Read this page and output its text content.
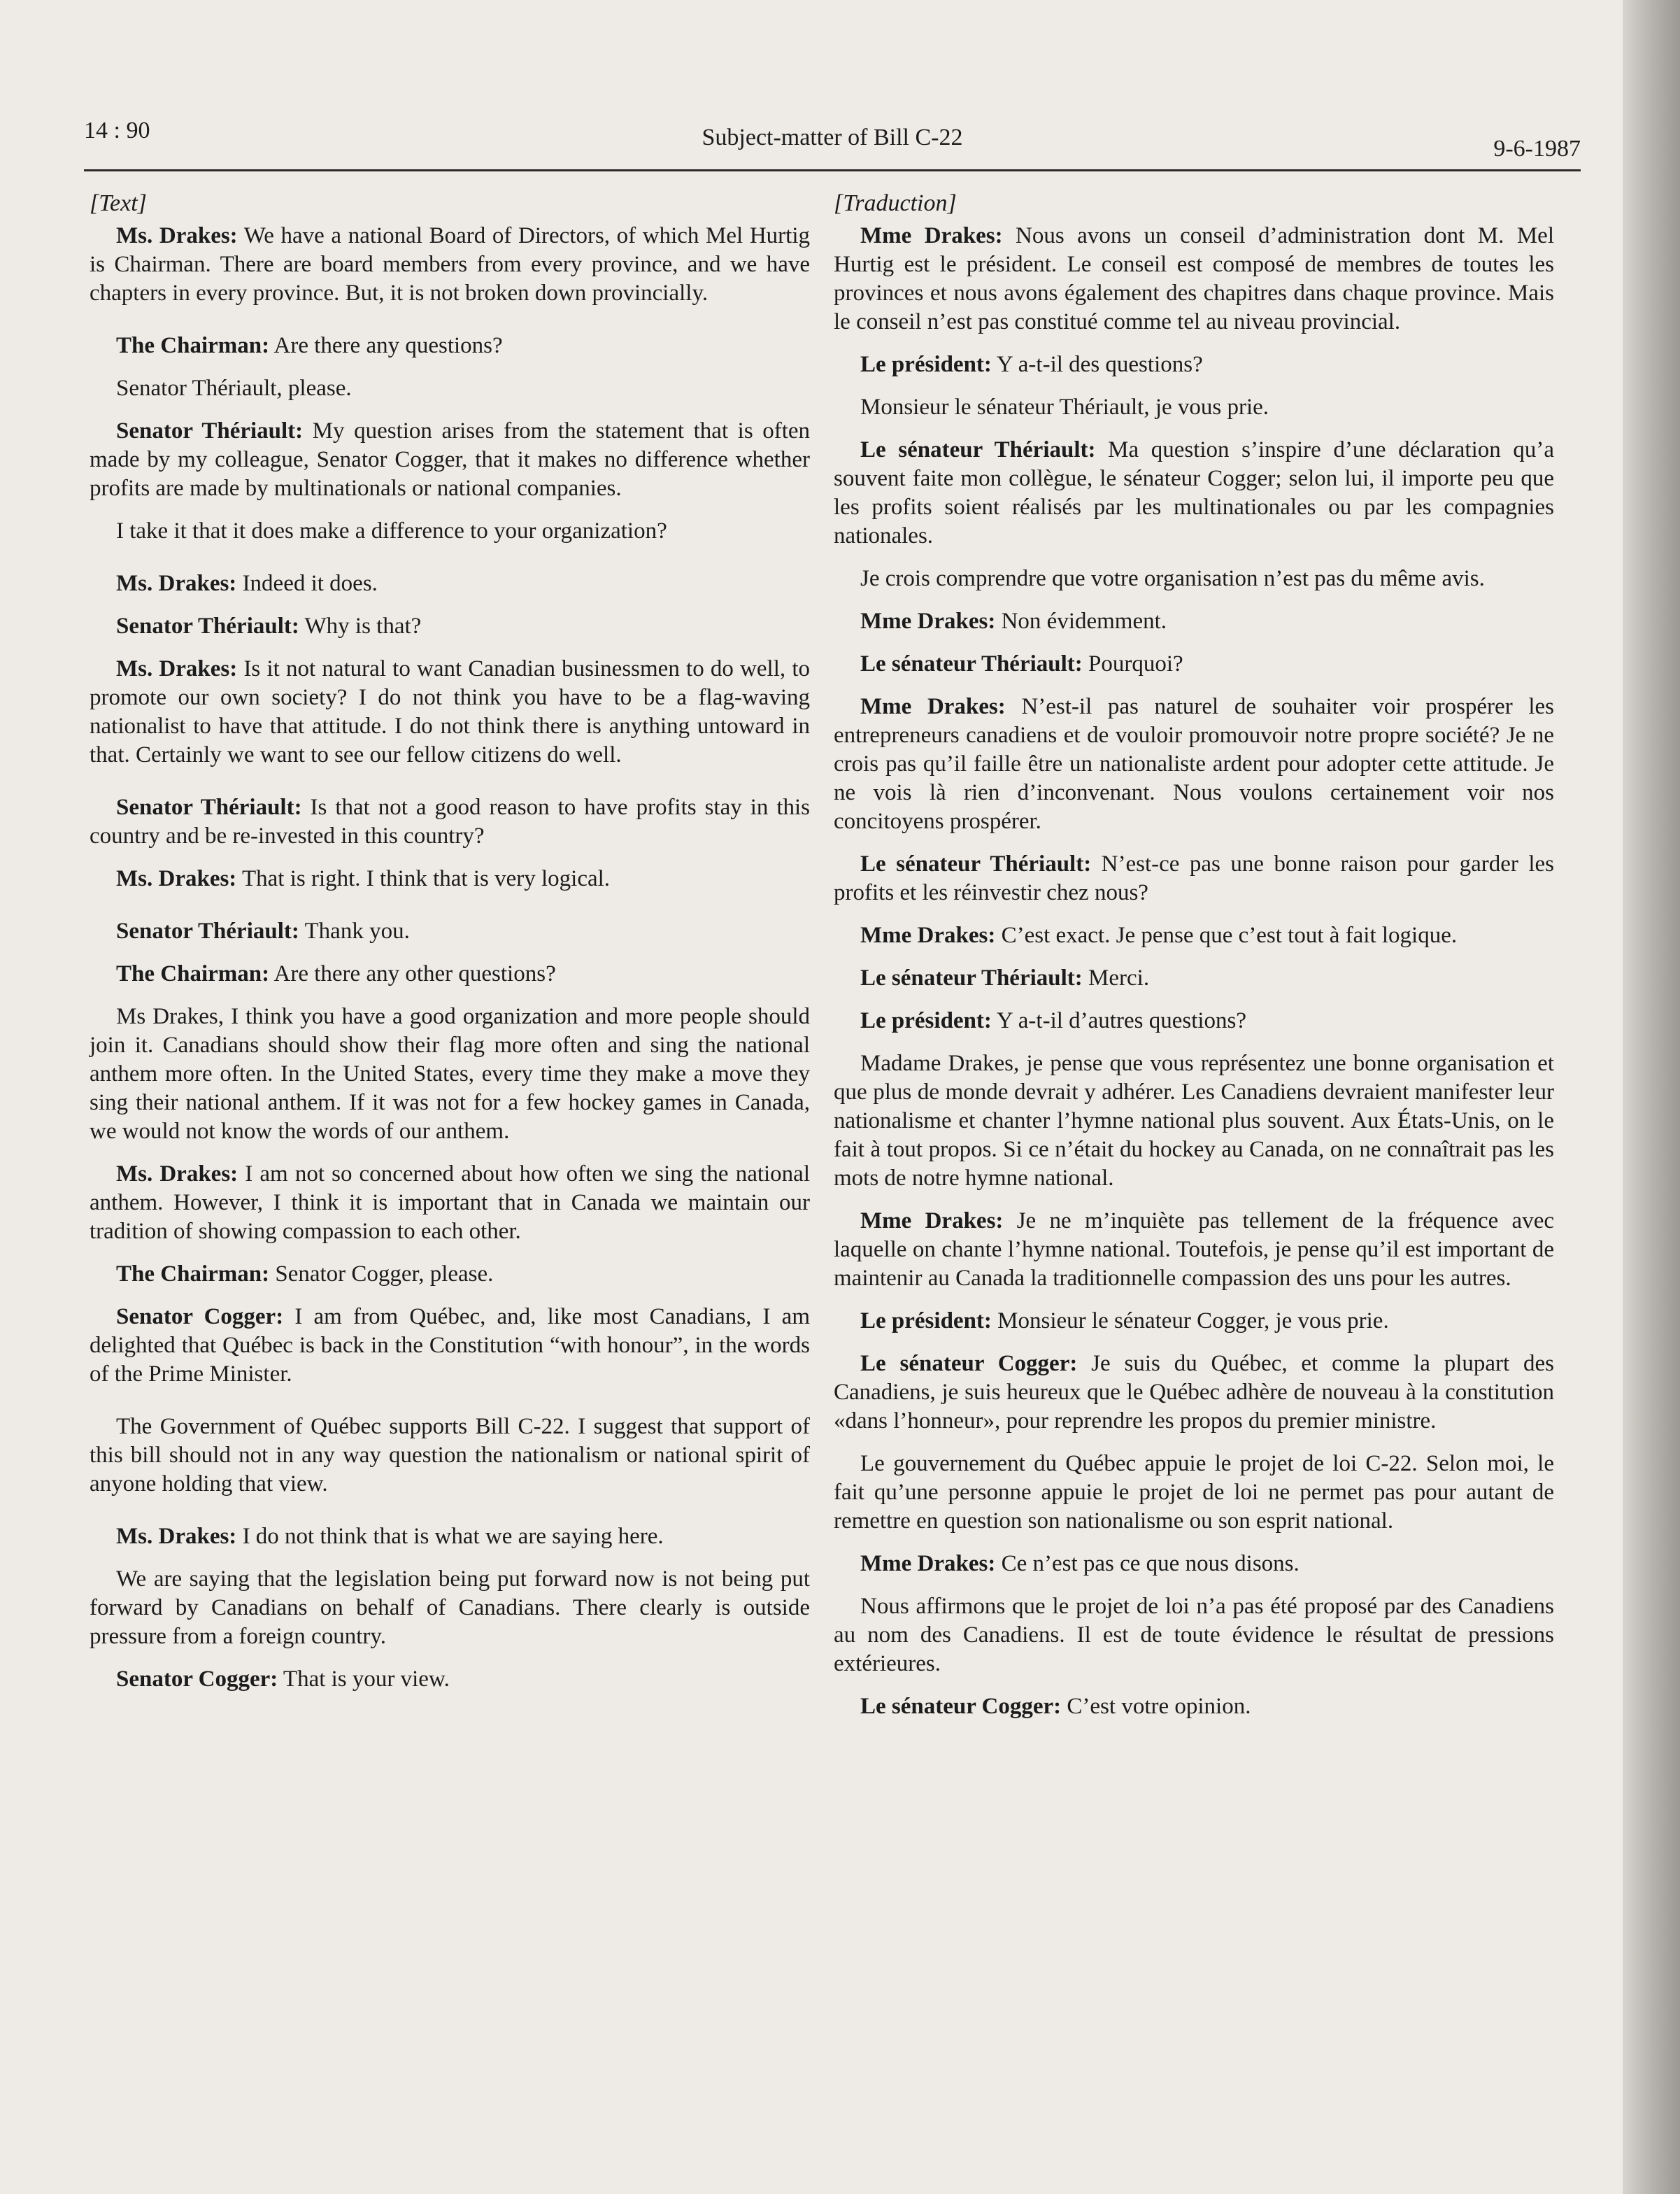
14 : 90	Subject-matter of Bill C-22	9-6-1987
[Text]

Ms. Drakes: We have a national Board of Directors, of which Mel Hurtig is Chairman. There are board members from every province, and we have chapters in every province. But, it is not broken down provincially.

The Chairman: Are there any questions?

Senator Thériault, please.

Senator Thériault: My question arises from the statement that is often made by my colleague, Senator Cogger, that it makes no difference whether profits are made by multinationals or national companies.

I take it that it does make a difference to your organization?

Ms. Drakes: Indeed it does.

Senator Thériault: Why is that?

Ms. Drakes: Is it not natural to want Canadian businessmen to do well, to promote our own society? I do not think you have to be a flag-waving nationalist to have that attitude. I do not think there is anything untoward in that. Certainly we want to see our fellow citizens do well.

Senator Thériault: Is that not a good reason to have profits stay in this country and be re-invested in this country?

Ms. Drakes: That is right. I think that is very logical.

Senator Thériault: Thank you.

The Chairman: Are there any other questions?

Ms Drakes, I think you have a good organization and more people should join it. Canadians should show their flag more often and sing the national anthem more often. In the United States, every time they make a move they sing their national anthem. If it was not for a few hockey games in Canada, we would not know the words of our anthem.

Ms. Drakes: I am not so concerned about how often we sing the national anthem. However, I think it is important that in Canada we maintain our tradition of showing compassion to each other.

The Chairman: Senator Cogger, please.

Senator Cogger: I am from Québec, and, like most Canadians, I am delighted that Québec is back in the Constitution “with honour”, in the words of the Prime Minister.

The Government of Québec supports Bill C-22. I suggest that support of this bill should not in any way question the nationalism or national spirit of anyone holding that view.

Ms. Drakes: I do not think that is what we are saying here.

We are saying that the legislation being put forward now is not being put forward by Canadians on behalf of Canadians. There clearly is outside pressure from a foreign country.

Senator Cogger: That is your view.

[Traduction]

Mme Drakes: Nous avons un conseil d’administration dont M. Mel Hurtig est le président. Le conseil est composé de membres de toutes les provinces et nous avons également des chapitres dans chaque province. Mais le conseil n’est pas constitué comme tel au niveau provincial.

Le président: Y a-t-il des questions?

Monsieur le sénateur Thériault, je vous prie.

Le sénateur Thériault: Ma question s’inspire d’une déclaration qu’a souvent faite mon collègue, le sénateur Cogger; selon lui, il importe peu que les profits soient réalisés par les multinationales ou par les compagnies nationales.

Je crois comprendre que votre organisation n’est pas du même avis.

Mme Drakes: Non évidemment.

Le sénateur Thériault: Pourquoi?

Mme Drakes: N’est-il pas naturel de souhaiter voir prospérer les entrepreneurs canadiens et de vouloir promouvoir notre propre société? Je ne crois pas qu’il faille être un nationaliste ardent pour adopter cette attitude. Je ne vois là rien d’inconvenant. Nous voulons certainement voir nos concitoyens prospérer.

Le sénateur Thériault: N’est-ce pas une bonne raison pour garder les profits et les réinvestir chez nous?

Mme Drakes: C’est exact. Je pense que c’est tout à fait logique.

Le sénateur Thériault: Merci.

Le président: Y a-t-il d’autres questions?

Madame Drakes, je pense que vous représentez une bonne organisation et que plus de monde devrait y adhérer. Les Canadiens devraient manifester leur nationalisme et chanter l’hymne national plus souvent. Aux États-Unis, on le fait à tout propos. Si ce n’était du hockey au Canada, on ne connaîtrait pas les mots de notre hymne national.

Mme Drakes: Je ne m’inquiète pas tellement de la fréquence avec laquelle on chante l’hymne national. Toutefois, je pense qu’il est important de maintenir au Canada la traditionnelle compassion des uns pour les autres.

Le président: Monsieur le sénateur Cogger, je vous prie.

Le sénateur Cogger: Je suis du Québec, et comme la plupart des Canadiens, je suis heureux que le Québec adhère de nouveau à la constitution «dans l’honneur», pour reprendre les propos du premier ministre.

Le gouvernement du Québec appuie le projet de loi C-22. Selon moi, le fait qu’une personne appuie le projet de loi ne permet pas pour autant de remettre en question son nationalisme ou son esprit national.

Mme Drakes: Ce n’est pas ce que nous disons.

Nous affirmons que le projet de loi n’a pas été proposé par des Canadiens au nom des Canadiens. Il est de toute évidence le résultat de pressions extérieures.

Le sénateur Cogger: C’est votre opinion.
